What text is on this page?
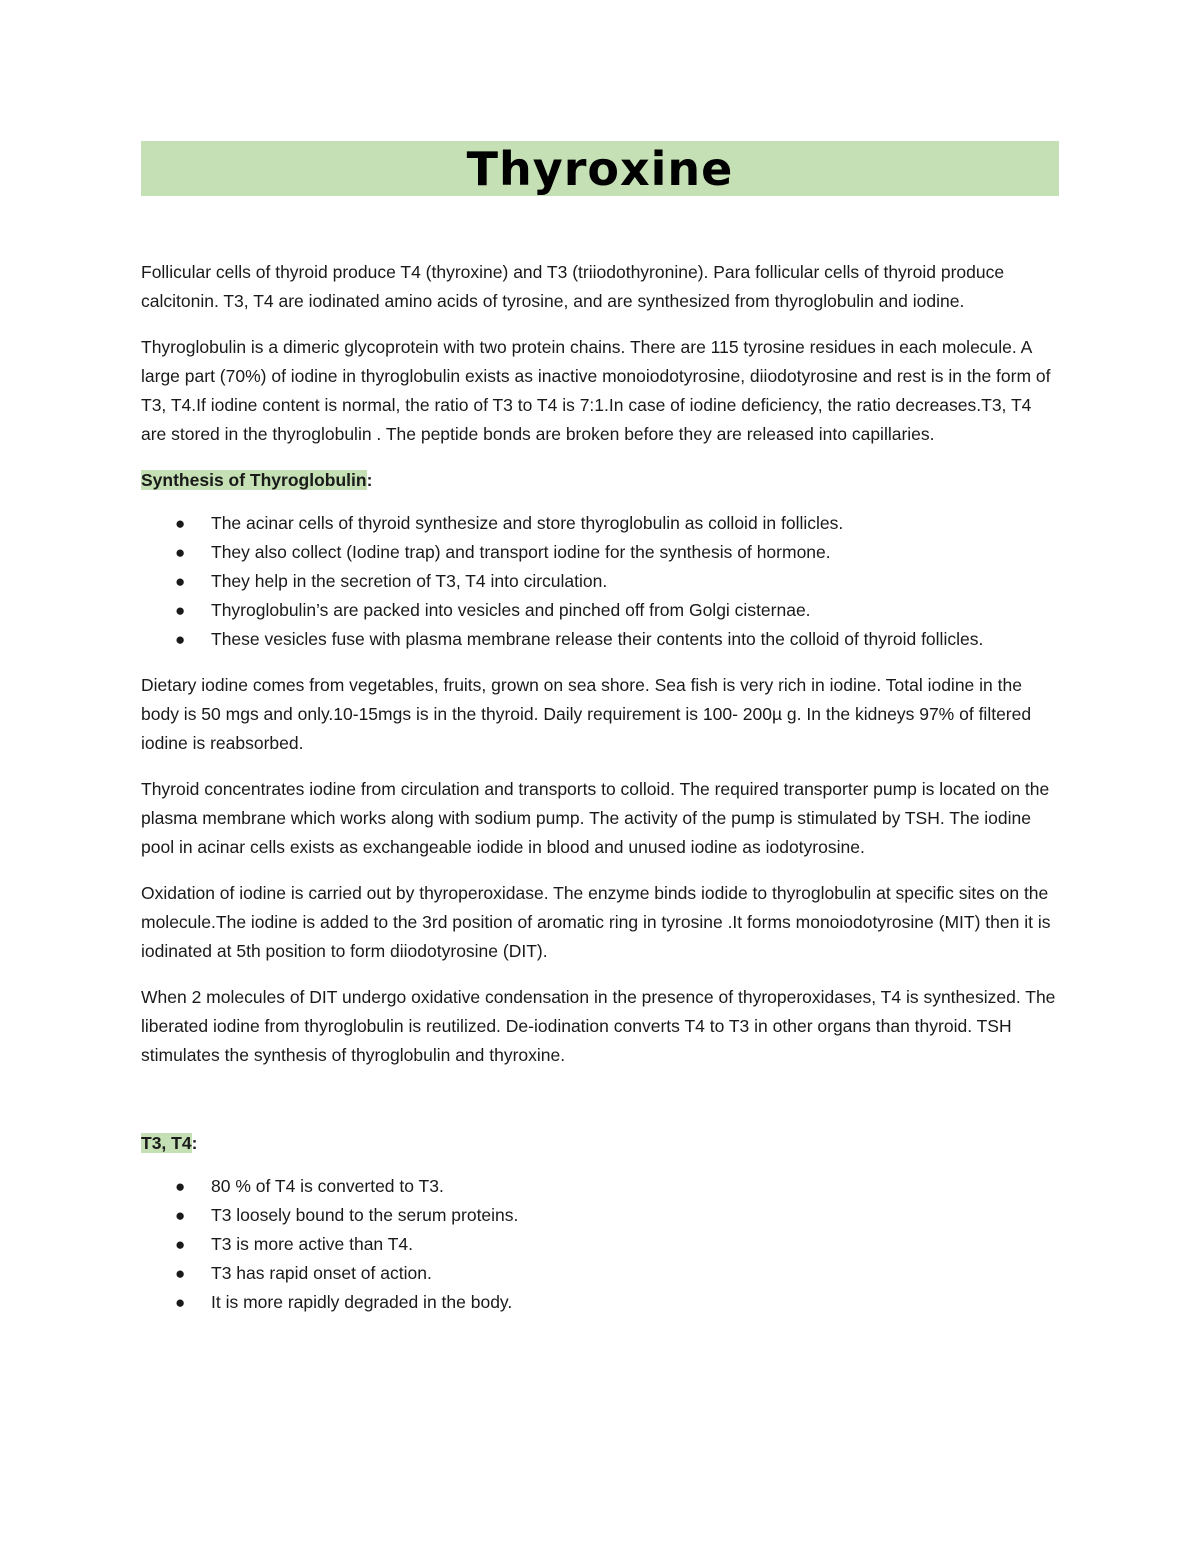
Thyroxine

Follicular cells of thyroid produce T4 (thyroxine) and T3 (triiodothyronine). Para follicular cells of thyroid produce calcitonin. T3, T4 are iodinated amino acids of tyrosine, and are synthesized from thyroglobulin and iodine.

Thyroglobulin is a dimeric glycoprotein with two protein chains. There are 115 tyrosine residues in each molecule. A large part (70%) of iodine in thyroglobulin exists as inactive monoiodotyrosine, diiodotyrosine and rest is in the form of T3, T4.If iodine content is normal, the ratio of T3 to T4 is 7:1.In case of iodine deficiency, the ratio decreases.T3, T4 are stored in the thyroglobulin . The peptide bonds are broken before they are released into capillaries.

Synthesis of Thyroglobulin:

● The acinar cells of thyroid synthesize and store thyroglobulin as colloid in follicles.
● They also collect (Iodine trap) and transport iodine for the synthesis of hormone.
● They help in the secretion of T3, T4 into circulation.
● Thyroglobulin’s are packed into vesicles and pinched off from Golgi cisternae.
● These vesicles fuse with plasma membrane release their contents into the colloid of thyroid follicles.

Dietary iodine comes from vegetables, fruits, grown on sea shore. Sea fish is very rich in iodine. Total iodine in the body is 50 mgs and only.10-15mgs is in the thyroid. Daily requirement is 100- 200µ g. In the kidneys 97% of filtered iodine is reabsorbed.

Thyroid concentrates iodine from circulation and transports to colloid. The required transporter pump is located on the plasma membrane which works along with sodium pump. The activity of the pump is stimulated by TSH. The iodine pool in acinar cells exists as exchangeable iodide in blood and unused iodine as iodotyrosine.

Oxidation of iodine is carried out by thyroperoxidase. The enzyme binds iodide to thyroglobulin at specific sites on the molecule.The iodine is added to the 3rd position of aromatic ring in tyrosine .It forms monoiodotyrosine (MIT) then it is iodinated at 5th position to form diiodotyrosine (DIT).

When 2 molecules of DIT undergo oxidative condensation in the presence of thyroperoxidases, T4 is synthesized. The liberated iodine from thyroglobulin is reutilized. De-iodination converts T4 to T3 in other organs than thyroid. TSH stimulates the synthesis of thyroglobulin and thyroxine.

T3, T4:

● 80 % of T4 is converted to T3.
● T3 loosely bound to the serum proteins.
● T3 is more active than T4.
● T3 has rapid onset of action.
● It is more rapidly degraded in the body.
